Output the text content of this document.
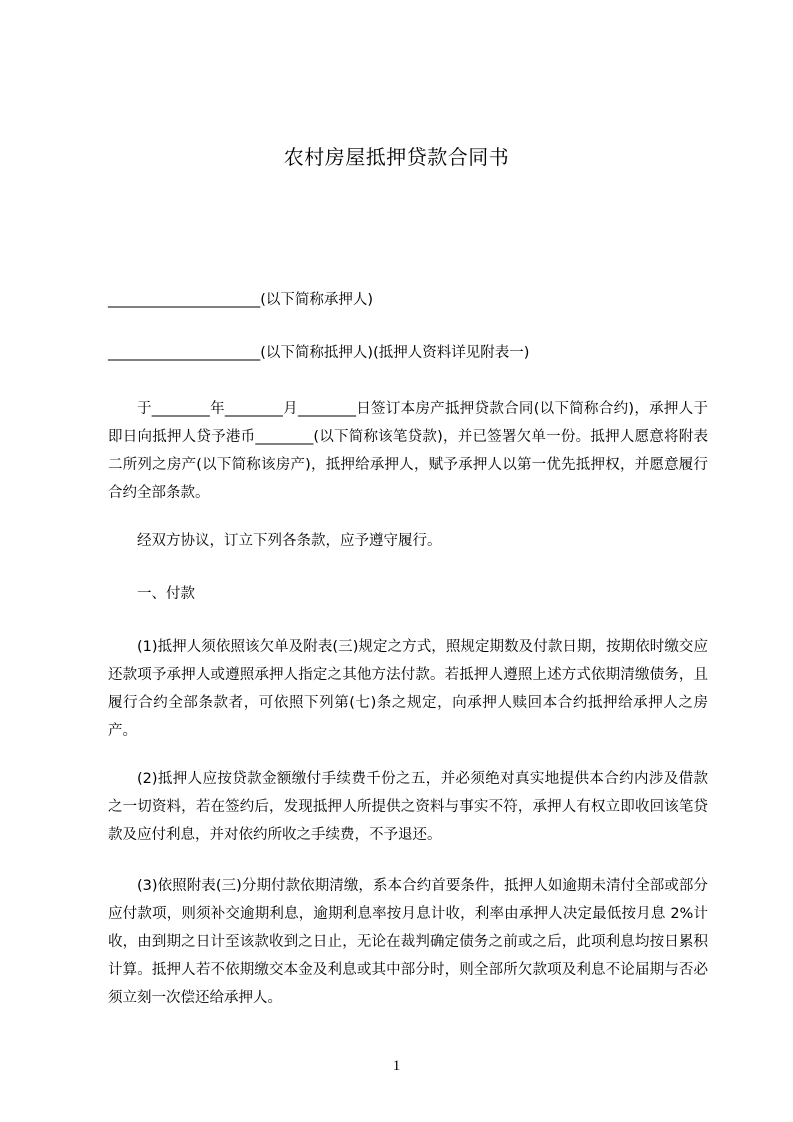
农村房屋抵押贷款合同书
_____________________(以下简称承押人)
_____________________(以下简称抵押人)(抵押人资料详见附表一)

于________年________月________日签订本房产抵押贷款合同(以下简称合约)，承押人于即日向抵押人贷予港币________(以下简称该笔贷款)，并已签署欠单一份。抵押人愿意将附表二所列之房产(以下简称该房产)，抵押给承押人，赋予承押人以第一优先抵押权，并愿意履行合约全部条款。

经双方协议，订立下列各条款，应予遵守履行。

一、付款

(1)抵押人须依照该欠单及附表(三)规定之方式，照规定期数及付款日期，按期依时缴交应还款项予承押人或遵照承押人指定之其他方法付款。若抵押人遵照上述方式依期清缴债务，且履行合约全部条款者，可依照下列第(七)条之规定，向承押人赎回本合约抵押给承押人之房产。

(2)抵押人应按贷款金额缴付手续费千份之五，并必须绝对真实地提供本合约内涉及借款之一切资料，若在签约后，发现抵押人所提供之资料与事实不符，承押人有权立即收回该笔贷款及应付利息，并对依约所收之手续费，不予退还。

(3)依照附表(三)分期付款依期清缴，系本合约首要条件，抵押人如逾期未清付全部或部分应付款项，则须补交逾期利息，逾期利息率按月息计收，利率由承押人决定最低按月息 2%计收，由到期之日计至该款收到之日止，无论在裁判确定债务之前或之后，此项利息均按日累积计算。抵押人若不依期缴交本金及利息或其中部分时，则全部所欠款项及利息不论届期与否必须立刻一次偿还给承押人。

1
